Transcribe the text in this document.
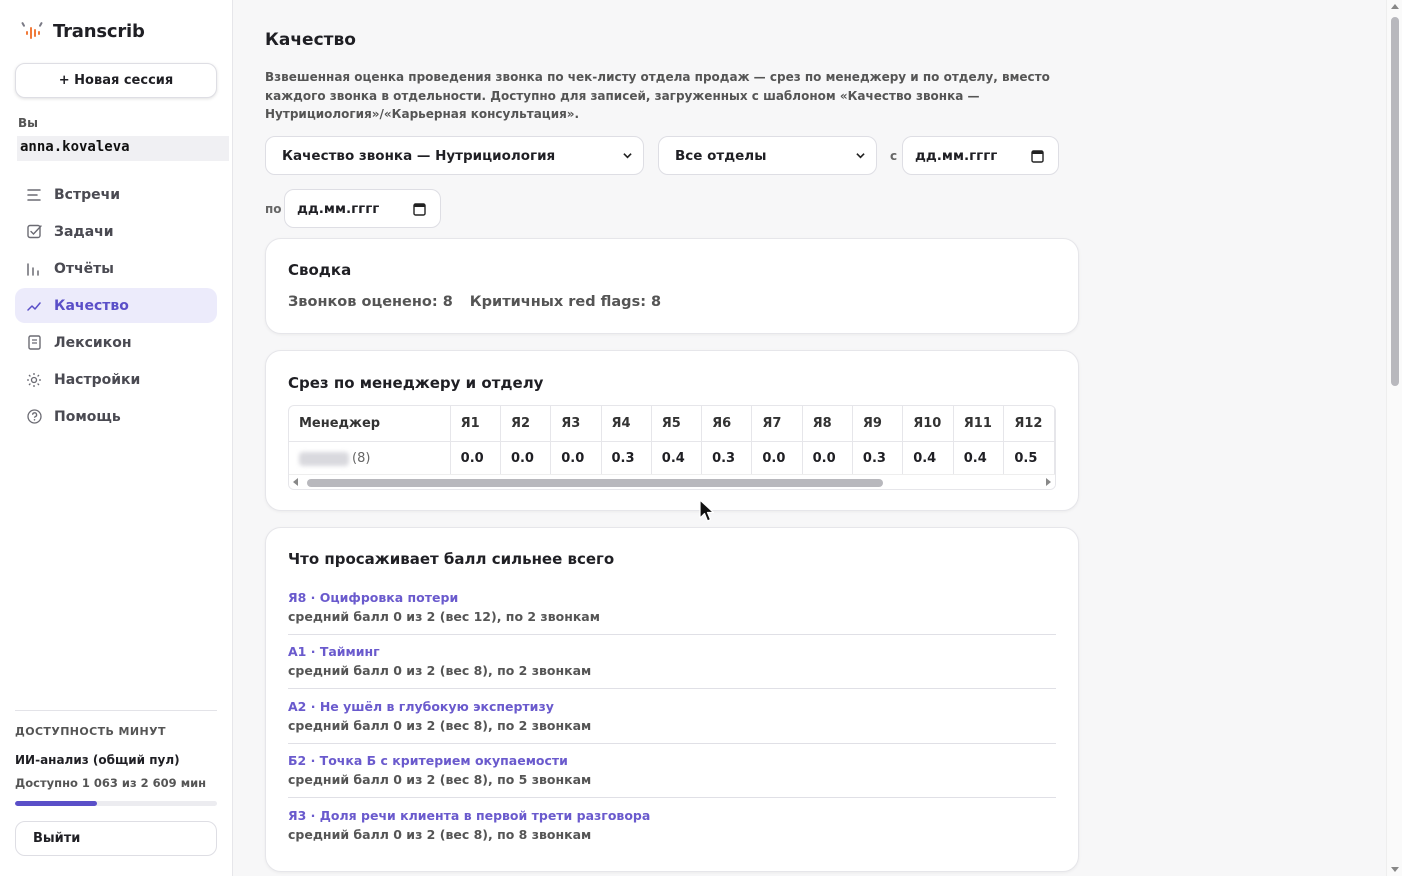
Transcrib
+ Новая сессия
Вы
anna.kovaleva
Встречи
Задачи
Отчёты
Качество
Лексикон
Настройки
Помощь
ДОСТУПНОСТЬ МИНУТ
ИИ-анализ (общий пул)
Доступно 1 063 из 2 609 мин
Выйти
Качество

Взвешенная оценка проведения звонка по чек-листу отдела продаж — срез по менеджеру и по отделу, вместо каждого звонка в отдельности. Доступно для записей, загруженных с шаблоном «Качество звонка — Нутрициология»/«Карьерная консультация».

Качество звонка — Нутрициология	Все отделы	с дд.мм.гггг
по дд.мм.гггг
Сводка
Звонков оценено: 8 Критичных red flags: 8
Срез по менеджеру и отделу
Менеджер	Я1	Я2	Я3	Я4	Я5	Я6	Я7	Я8	Я9	Я10	Я11	Я12
(8)	0.0	0.0	0.0	0.3	0.4	0.3	0.0	0.0	0.3	0.4	0.4	0.5
Что просаживает балл сильнее всего
Я8 · Оцифровка потери
средний балл 0 из 2 (вес 12), по 2 звонкам
А1 · Тайминг
средний балл 0 из 2 (вес 8), по 2 звонкам
А2 · Не ушёл в глубокую экспертизу
средний балл 0 из 2 (вес 8), по 2 звонкам
Б2 · Точка Б с критерием окупаемости
средний балл 0 из 2 (вес 8), по 5 звонкам
Я3 · Доля речи клиента в первой трети разговора
средний балл 0 из 2 (вес 8), по 8 звонкам
